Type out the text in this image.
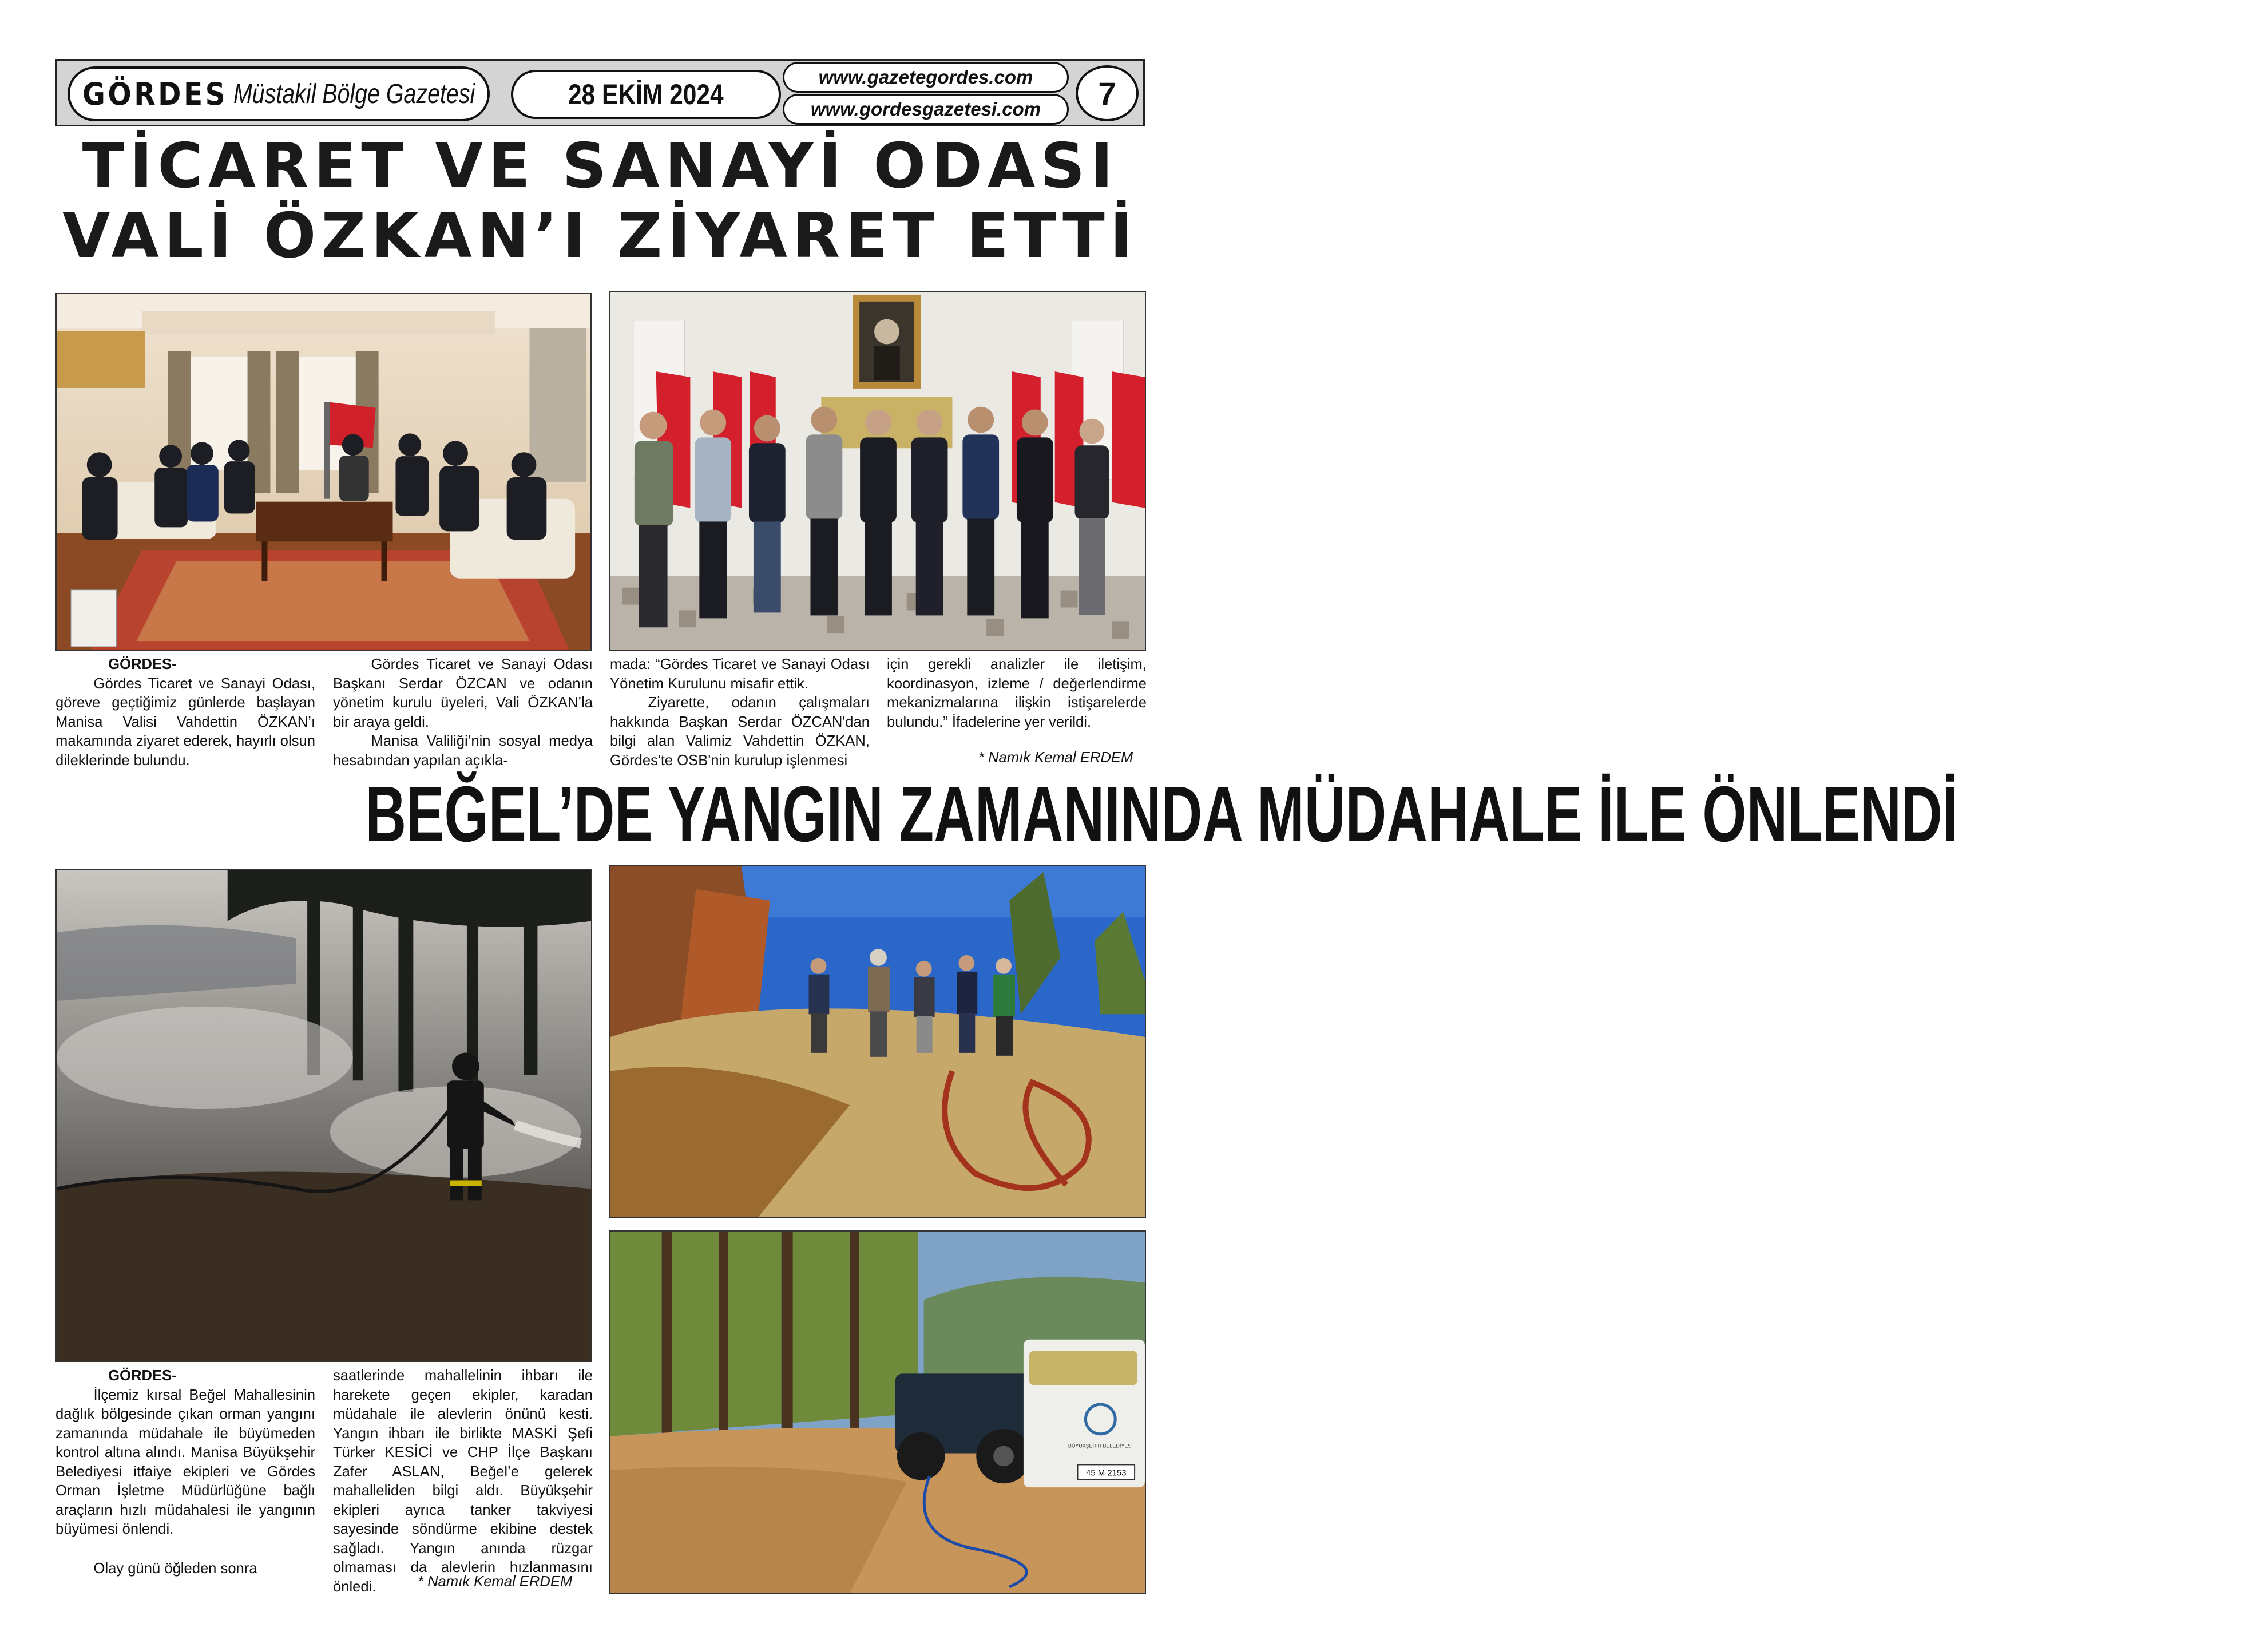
GÖRDES Müstakil Bölge Gazetesi	28 EKİM 2024
www.gazetegordes.com
www.gordesgazetesi.com 7
TİCARET VE SANAYİ ODASI
VALİ ÖZKAN’I ZİYARET ETTİ
GÖRDES-

Gördes Ticaret ve Sanayi Odası, göreve geçtiğimiz günlerde başlayan Manisa Valisi Vahdettin ÖZKAN’ı makamında ziyaret ederek, hayırlı olsun dileklerinde bulundu.

Gördes Ticaret ve Sanayi Odası Başkanı Serdar ÖZCAN ve odanın yönetim kurulu üyeleri, Vali ÖZKAN’la bir araya geldi.

Manisa Valiliği’nin sosyal medya hesabından yapılan açıkla-

mada: “Gördes Ticaret ve Sanayi Odası Yönetim Kurulunu misafir ettik.

Ziyarette, odanın çalışmaları hakkında Başkan Serdar ÖZCAN'dan bilgi alan Valimiz Vahdettin ÖZKAN, Gördes'te OSB'nin kurulup işlenmesi

için gerekli analizler ile iletişim, koordinasyon, izleme / değerlendirme mekanizmalarına ilişkin istişarelerde bulundu.” İfadelerine yer verildi.

* Namık Kemal ERDEM
BEĞEL’DE YANGIN ZAMANINDA MÜDAHALE İLE ÖNLENDİ
45 M 2153
BÜYÜKŞEHİR BELEDİYESİ
GÖRDES-

İlçemiz kırsal Beğel Mahallesinin dağlık bölgesinde çıkan orman yangını zamanında müdahale ile büyümeden kontrol altına alındı. Manisa Büyükşehir Belediyesi itfaiye ekipleri ve Gördes Orman İşletme Müdürlüğüne bağlı araçların hızlı müdahalesi ile yangının büyümesi önlendi.

Olay günü öğleden sonra

saatlerinde mahallelinin ihbarı ile harekete geçen ekipler, karadan müdahale ile alevlerin önünü kesti. Yangın ihbarı ile birlikte MASKİ Şefi Türker KESİCİ ve CHP İlçe Başkanı Zafer ASLAN, Beğel’e gelerek mahalleliden bilgi aldı. Büyükşehir ekipleri ayrıca tanker takviyesi sayesinde söndürme ekibine destek sağladı. Yangın anında rüzgar olmaması da alevlerin hızlanmasını önledi.	* Namık Kemal ERDEM
